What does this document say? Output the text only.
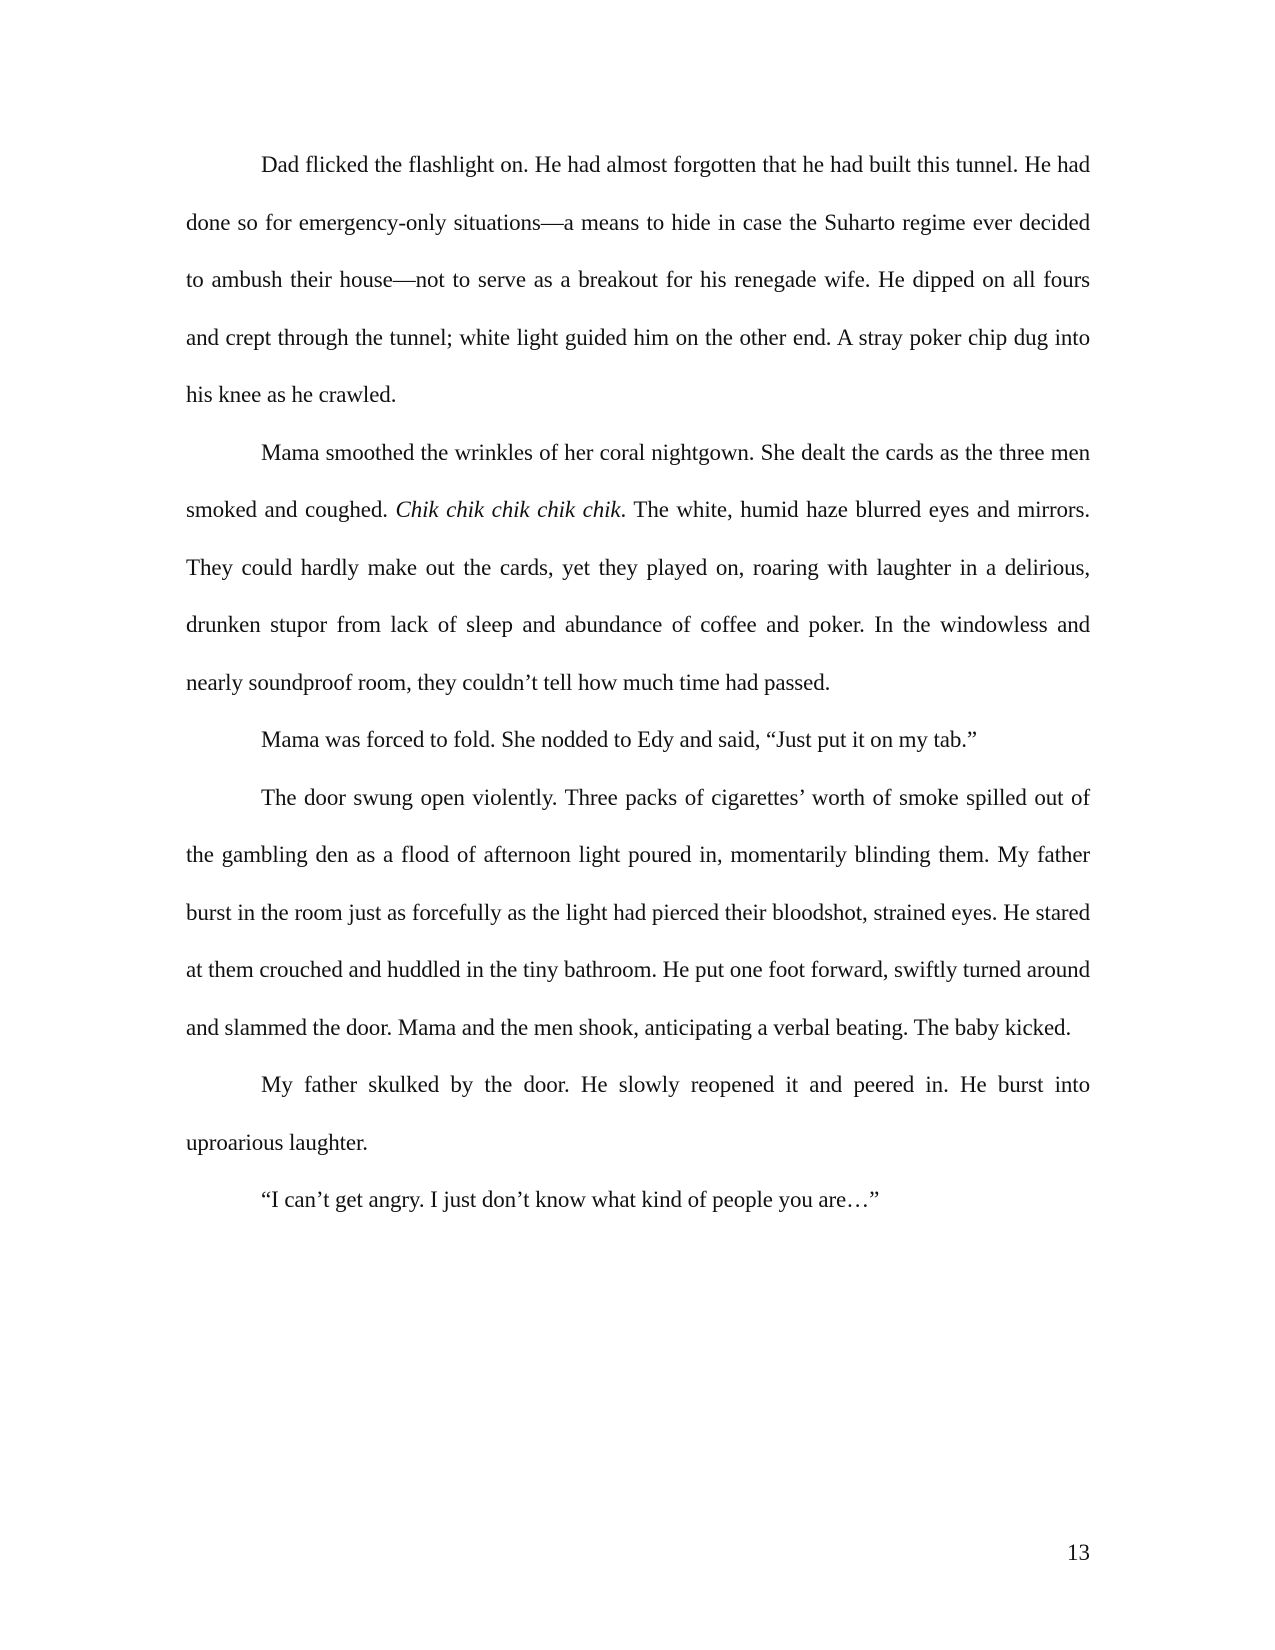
Dad flicked the flashlight on. He had almost forgotten that he had built this tunnel. He had done so for emergency-only situations—a means to hide in case the Suharto regime ever decided to ambush their house—not to serve as a breakout for his renegade wife. He dipped on all fours and crept through the tunnel; white light guided him on the other end. A stray poker chip dug into his knee as he crawled.

Mama smoothed the wrinkles of her coral nightgown. She dealt the cards as the three men smoked and coughed. Chik chik chik chik chik. The white, humid haze blurred eyes and mirrors. They could hardly make out the cards, yet they played on, roaring with laughter in a delirious, drunken stupor from lack of sleep and abundance of coffee and poker. In the windowless and nearly soundproof room, they couldn’t tell how much time had passed.

Mama was forced to fold. She nodded to Edy and said, “Just put it on my tab.”

The door swung open violently. Three packs of cigarettes’ worth of smoke spilled out of the gambling den as a flood of afternoon light poured in, momentarily blinding them. My father burst in the room just as forcefully as the light had pierced their bloodshot, strained eyes. He stared at them crouched and huddled in the tiny bathroom. He put one foot forward, swiftly turned around and slammed the door. Mama and the men shook, anticipating a verbal beating. The baby kicked.

My father skulked by the door. He slowly reopened it and peered in. He burst into uproarious laughter.

“I can’t get angry. I just don’t know what kind of people you are…”

13
